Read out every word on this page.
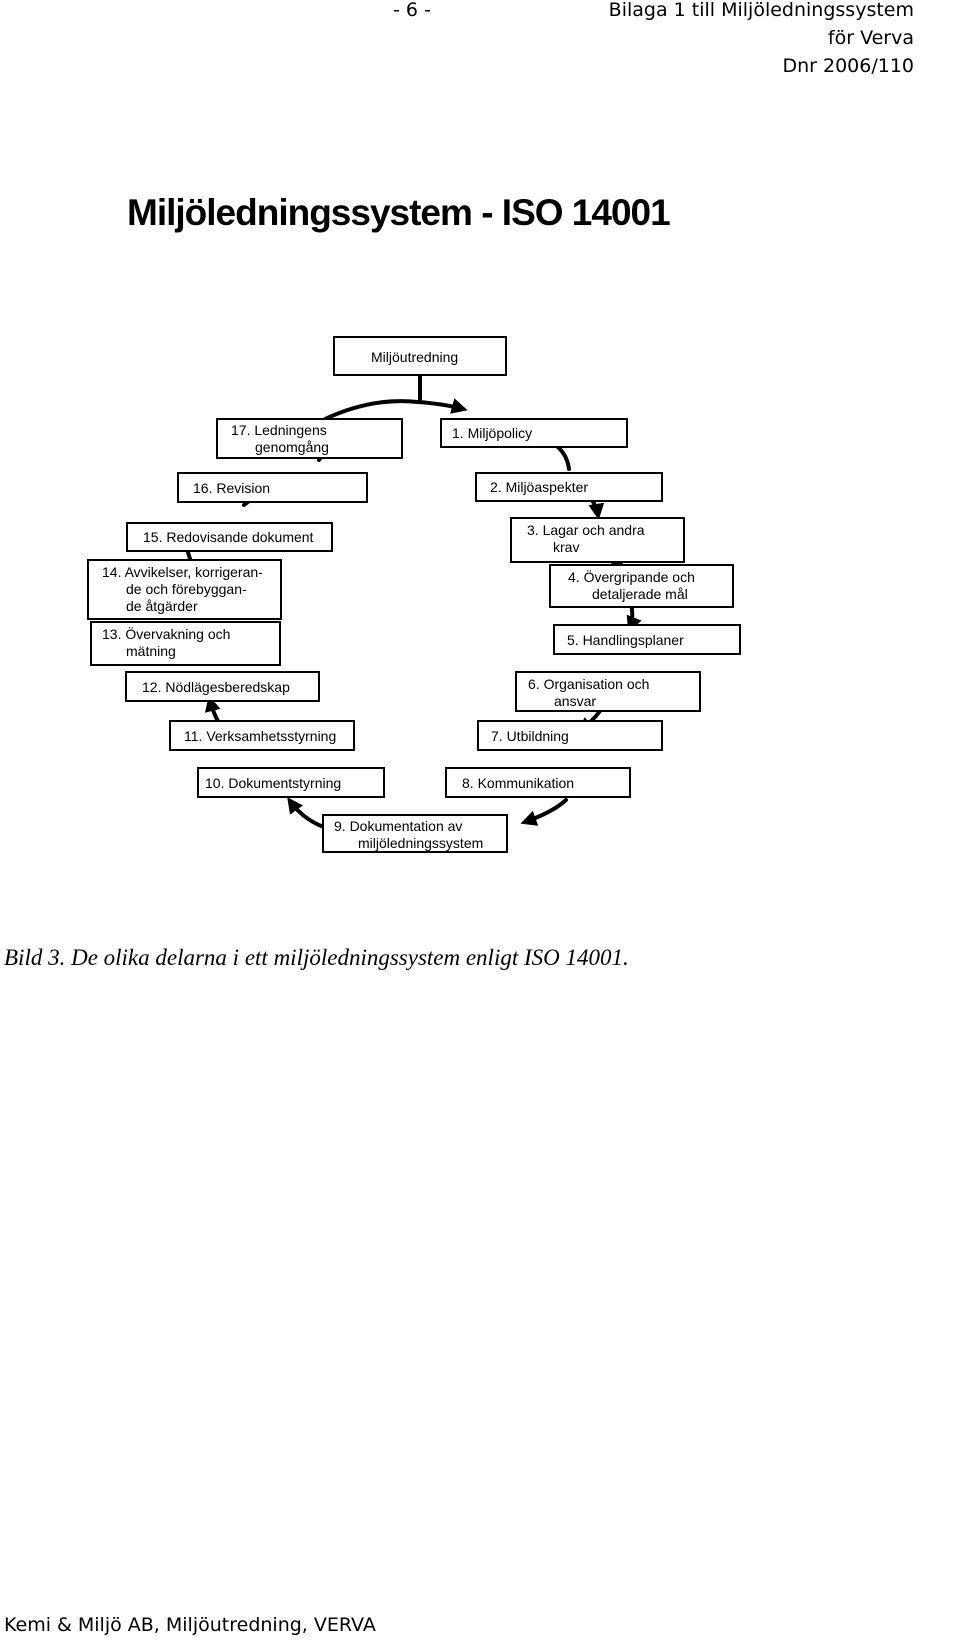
- 6 -	Bilaga 1 till Miljöledningssystem
för Verva
Dnr 2006/110
Miljöledningssystem - ISO 14001
Miljöutredning
17. Ledningens
genomgång
1. Miljöpolicy
16. Revision	2. Miljöaspekter
15. Redovisande dokument	3. Lagar och andra
krav
14. Avvikelser, korrigeran-
de och förebyggan-
de åtgärder
4. Övergripande och
detaljerade mål
13. Övervakning och
mätning
5. Handlingsplaner
12. Nödlägesberedskap	6. Organisation och
ansvar
11. Verksamhetsstyrning	7. Utbildning
10. Dokumentstyrning	8. Kommunikation
9. Dokumentation av
miljöledningssystem
Bild 3. De olika delarna i ett miljöledningssystem enligt ISO 14001.
Kemi & Miljö AB, Miljöutredning, VERVA
